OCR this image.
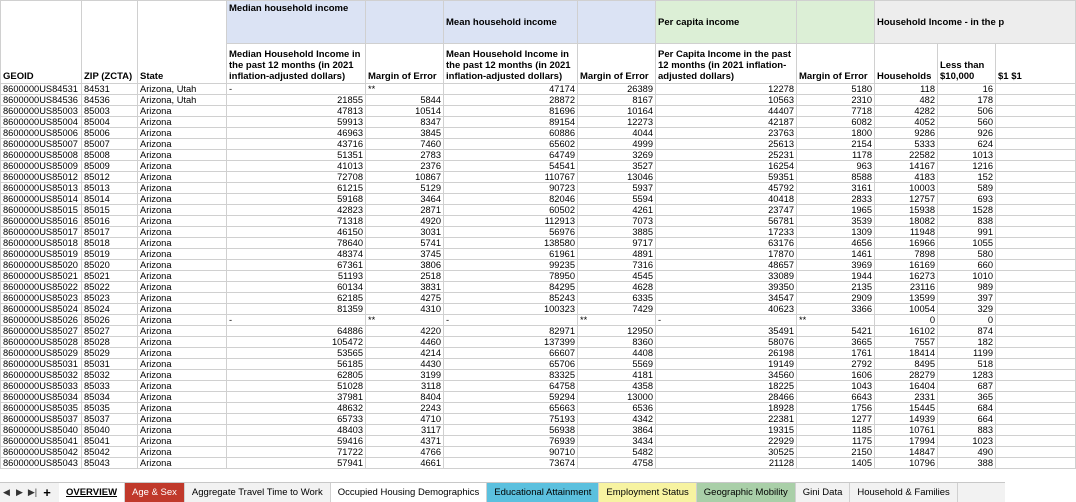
GEOID	ZIP (ZCTA)	State	Median household income		Mean household income		Per capita income		Household Income - in the p		
			Median Household Income in the past 12 months (in 2021 inflation-adjusted dollars)	Margin of Error	Mean Household Income in the past 12 months (in 2021 inflation-adjusted dollars)	Margin of Error	Per Capita Income in the past 12 months (in 2021 inflation-adjusted dollars)	Margin of Error	Households	Less than $10,000	$1 $1
8600000US84531	84531	Arizona, Utah	-	**	47174	26389	12278	5180	118	16	
8600000US84536	84536	Arizona, Utah	21855	5844	28872	8167	10563	2310	482	178	
8600000US85003	85003	Arizona	47813	10514	81696	10164	44407	7718	4282	506	
8600000US85004	85004	Arizona	59913	8347	89154	12273	42187	6082	4052	560	
8600000US85006	85006	Arizona	46963	3845	60886	4044	23763	1800	9286	926	
8600000US85007	85007	Arizona	43716	7460	65602	4999	25613	2154	5333	624	
8600000US85008	85008	Arizona	51351	2783	64749	3269	25231	1178	22582	1013	
8600000US85009	85009	Arizona	41013	2376	54541	3527	16254	963	14167	1216	
8600000US85012	85012	Arizona	72708	10867	110767	13046	59351	8588	4183	152	
8600000US85013	85013	Arizona	61215	5129	90723	5937	45792	3161	10003	589	
8600000US85014	85014	Arizona	59168	3464	82046	5594	40418	2833	12757	693	
8600000US85015	85015	Arizona	42823	2871	60502	4261	23747	1965	15938	1528	
8600000US85016	85016	Arizona	71318	4920	112913	7073	56781	3539	18082	838	
8600000US85017	85017	Arizona	46150	3031	56976	3885	17233	1309	11948	991	
8600000US85018	85018	Arizona	78640	5741	138580	9717	63176	4656	16966	1055	
8600000US85019	85019	Arizona	48374	3745	61961	4891	17870	1461	7898	580	
8600000US85020	85020	Arizona	67361	3806	99235	7316	48657	3969	16169	660	
8600000US85021	85021	Arizona	51193	2518	78950	4545	33089	1944	16273	1010	
8600000US85022	85022	Arizona	60134	3831	84295	4628	39350	2135	23116	989	
8600000US85023	85023	Arizona	62185	4275	85243	6335	34547	2909	13599	397	
8600000US85024	85024	Arizona	81359	4310	100323	7429	40623	3366	10054	329	
8600000US85026	85026	Arizona	-	**	-	**	-	**	0	0	
8600000US85027	85027	Arizona	64886	4220	82971	12950	35491	5421	16102	874	
8600000US85028	85028	Arizona	105472	4460	137399	8360	58076	3665	7557	182	
8600000US85029	85029	Arizona	53565	4214	66607	4408	26198	1761	18414	1199	
8600000US85031	85031	Arizona	56185	4430	65706	5569	19149	2792	8495	518	
8600000US85032	85032	Arizona	62805	3199	83325	4181	34560	1606	28279	1283	
8600000US85033	85033	Arizona	51028	3118	64758	4358	18225	1043	16404	687	
8600000US85034	85034	Arizona	37981	8404	59294	13000	28466	6643	2331	365	
8600000US85035	85035	Arizona	48632	2243	65663	6536	18928	1756	15445	684	
8600000US85037	85037	Arizona	65733	4710	75193	4342	22381	1277	14939	664	
8600000US85040	85040	Arizona	48403	3117	56938	3864	19315	1185	10761	883	
8600000US85041	85041	Arizona	59416	4371	76939	3434	22929	1175	17994	1023	
8600000US85042	85042	Arizona	71722	4766	90710	5482	30525	2150	14847	490	
8600000US85043	85043	Arizona	57941	4661	73674	4758	21128	1405	10796	388	
◀ ▶ ▶| +	OVERVIEW	Age & Sex	Aggregate Travel Time to Work	Occupied Housing Demographics	Educational Attainment	Employment Status	Geographic Mobility	Gini Data	Household & Families
